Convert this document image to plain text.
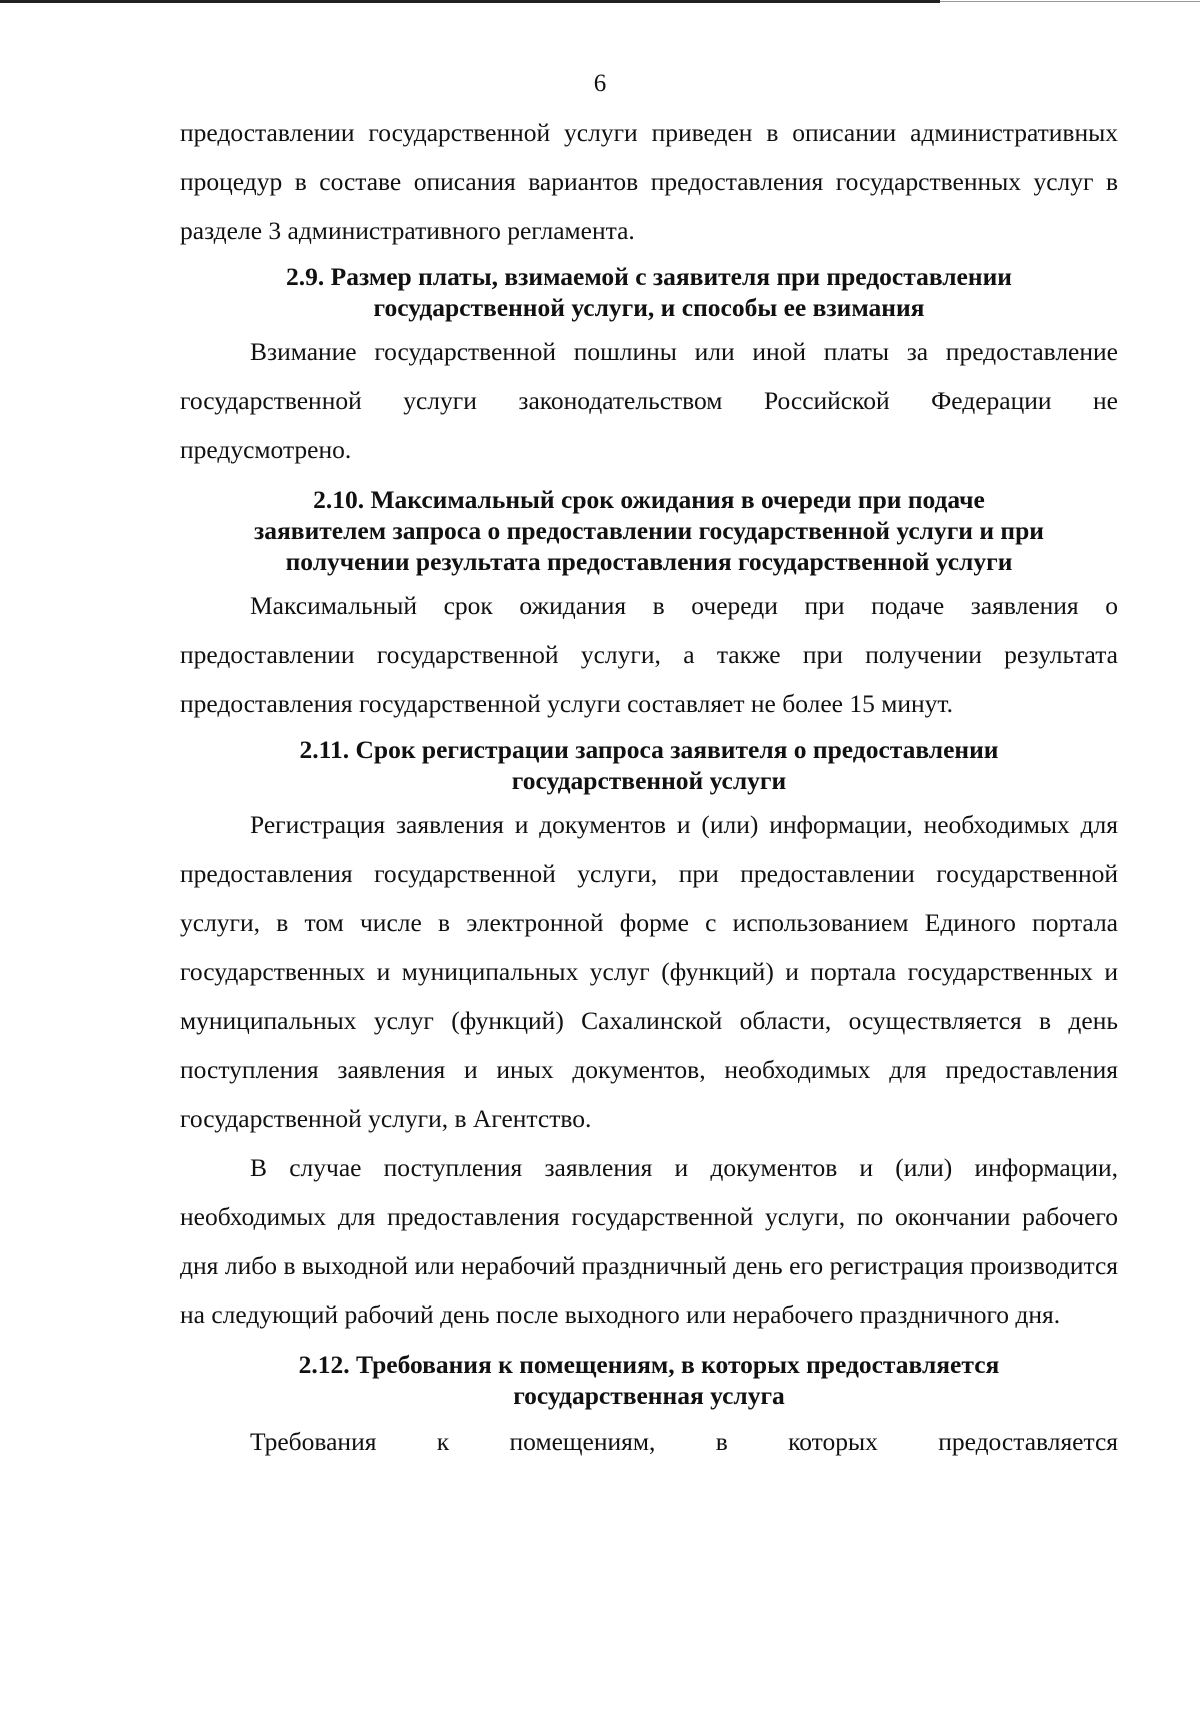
6

предоставлении государственной услуги приведен в описании административных процедур в составе описания вариантов предоставления государственных услуг в разделе 3 административного регламента.

2.9. Размер платы, взимаемой с заявителя при предоставлении
государственной услуги, и способы ее взимания

Взимание государственной пошлины или иной платы за предоставление государственной услуги законодательством Российской Федерации не предусмотрено.

2.10. Максимальный срок ожидания в очереди при подаче
заявителем запроса о предоставлении государственной услуги и при
получении результата предоставления государственной услуги

Максимальный срок ожидания в очереди при подаче заявления о предоставлении государственной услуги, а также при получении результата предоставления государственной услуги составляет не более 15 минут.

2.11. Срок регистрации запроса заявителя о предоставлении
государственной услуги

Регистрация заявления и документов и (или) информации, необходимых для предоставления государственной услуги, при предоставлении государственной услуги, в том числе в электронной форме с использованием Единого портала государственных и муниципальных услуг (функций) и портала государственных и муниципальных услуг (функций) Сахалинской области, осуществляется в день поступления заявления и иных документов, необходимых для предоставления государственной услуги, в Агентство.

В случае поступления заявления и документов и (или) информации, необходимых для предоставления государственной услуги, по окончании рабочего дня либо в выходной или нерабочий праздничный день его регистрация производится на следующий рабочий день после выходного или нерабочего праздничного дня.

2.12. Требования к помещениям, в которых предоставляется
государственная услуга

Требования к помещениям, в которых предоставляется
